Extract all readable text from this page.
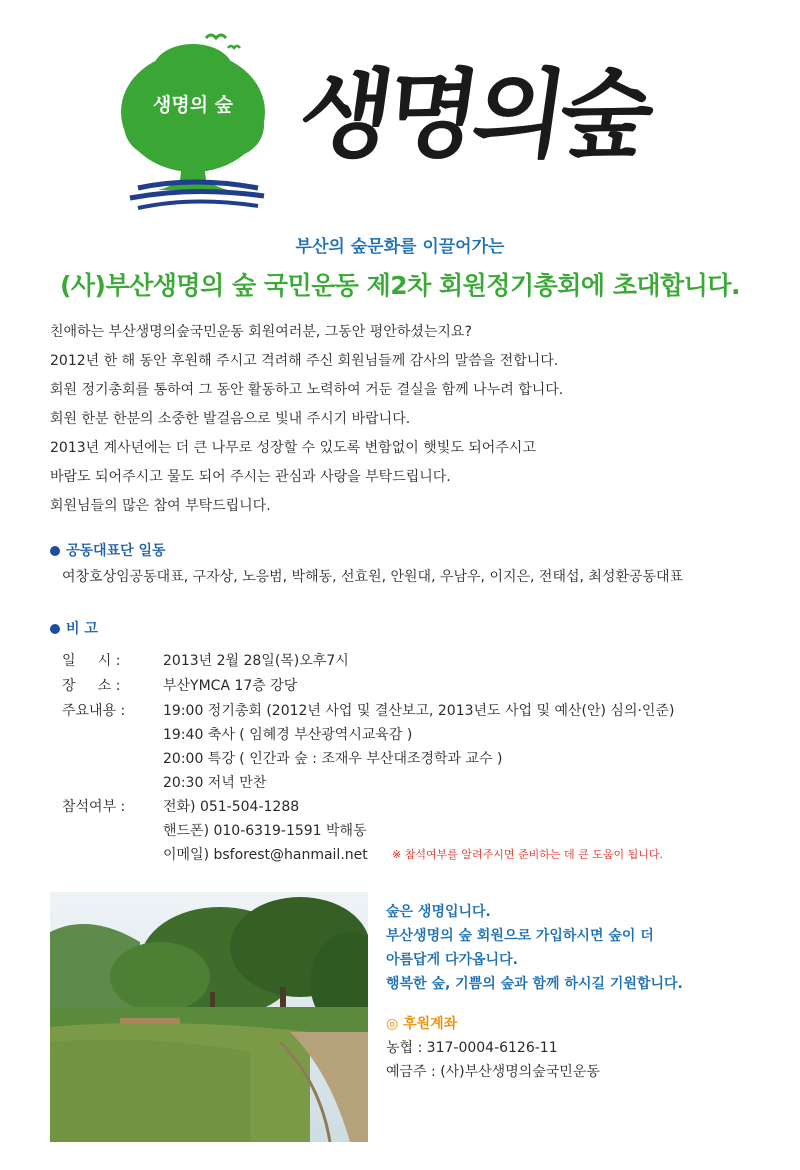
생명의 숲 생명의숲
부산의 숲문화를 이끌어가는
(사)부산생명의 숲 국민운동 제2차 회원정기총회에 초대합니다.
친애하는 부산생명의숲국민운동 회원여러분, 그동안 평안하셨는지요?
2012년 한 해 동안 후원해 주시고 격려해 주신 회원님들께 감사의 말씀을 전합니다.
회원 정기총회를 통하여 그 동안 활동하고 노력하여 거둔 결실을 함께 나누려 합니다.
회원 한분 한분의 소중한 발걸음으로 빛내 주시기 바랍니다.
2013년 계사년에는 더 큰 나무로 성장할 수 있도록 변함없이 햇빛도 되어주시고
바람도 되어주시고 물도 되어 주시는 관심과 사랑을 부탁드립니다.
회원님들의 많은 참여 부탁드립니다.
공동대표단 일동
여창호상임공동대표, 구자상, 노응범, 박해동, 선효원, 안원대, 우남우, 이지은, 전태섭, 최성환공동대표
비 고
일     시 :	2013년 2월 28일(목)오후7시
장     소 :	부산YMCA 17층 강당
주요내용 :	19:00 정기총회 (2012년 사업 및 결산보고, 2013년도 사업 및 예산(안) 심의·인준)
19:40 축사 ( 임혜경 부산광역시교육감 )
20:00 특강 ( 인간과 숲 : 조재우 부산대조경학과 교수 )
20:30 저녁 만찬
참석여부 :	전화) 051-504-1288
핸드폰) 010-6319-1591 박해동
이메일) bsforest@hanmail.net ※ 참석여부를 알려주시면 준비하는 데 큰 도움이 됩니다.
숲은 생명입니다.
부산생명의 숲 회원으로 가입하시면 숲이 더
아름답게 다가옵니다.
행복한 숲, 기쁨의 숲과 함께 하시길 기원합니다.
◎ 후원계좌
농협 : 317-0004-6126-11
예금주 : (사)부산생명의숲국민운동
